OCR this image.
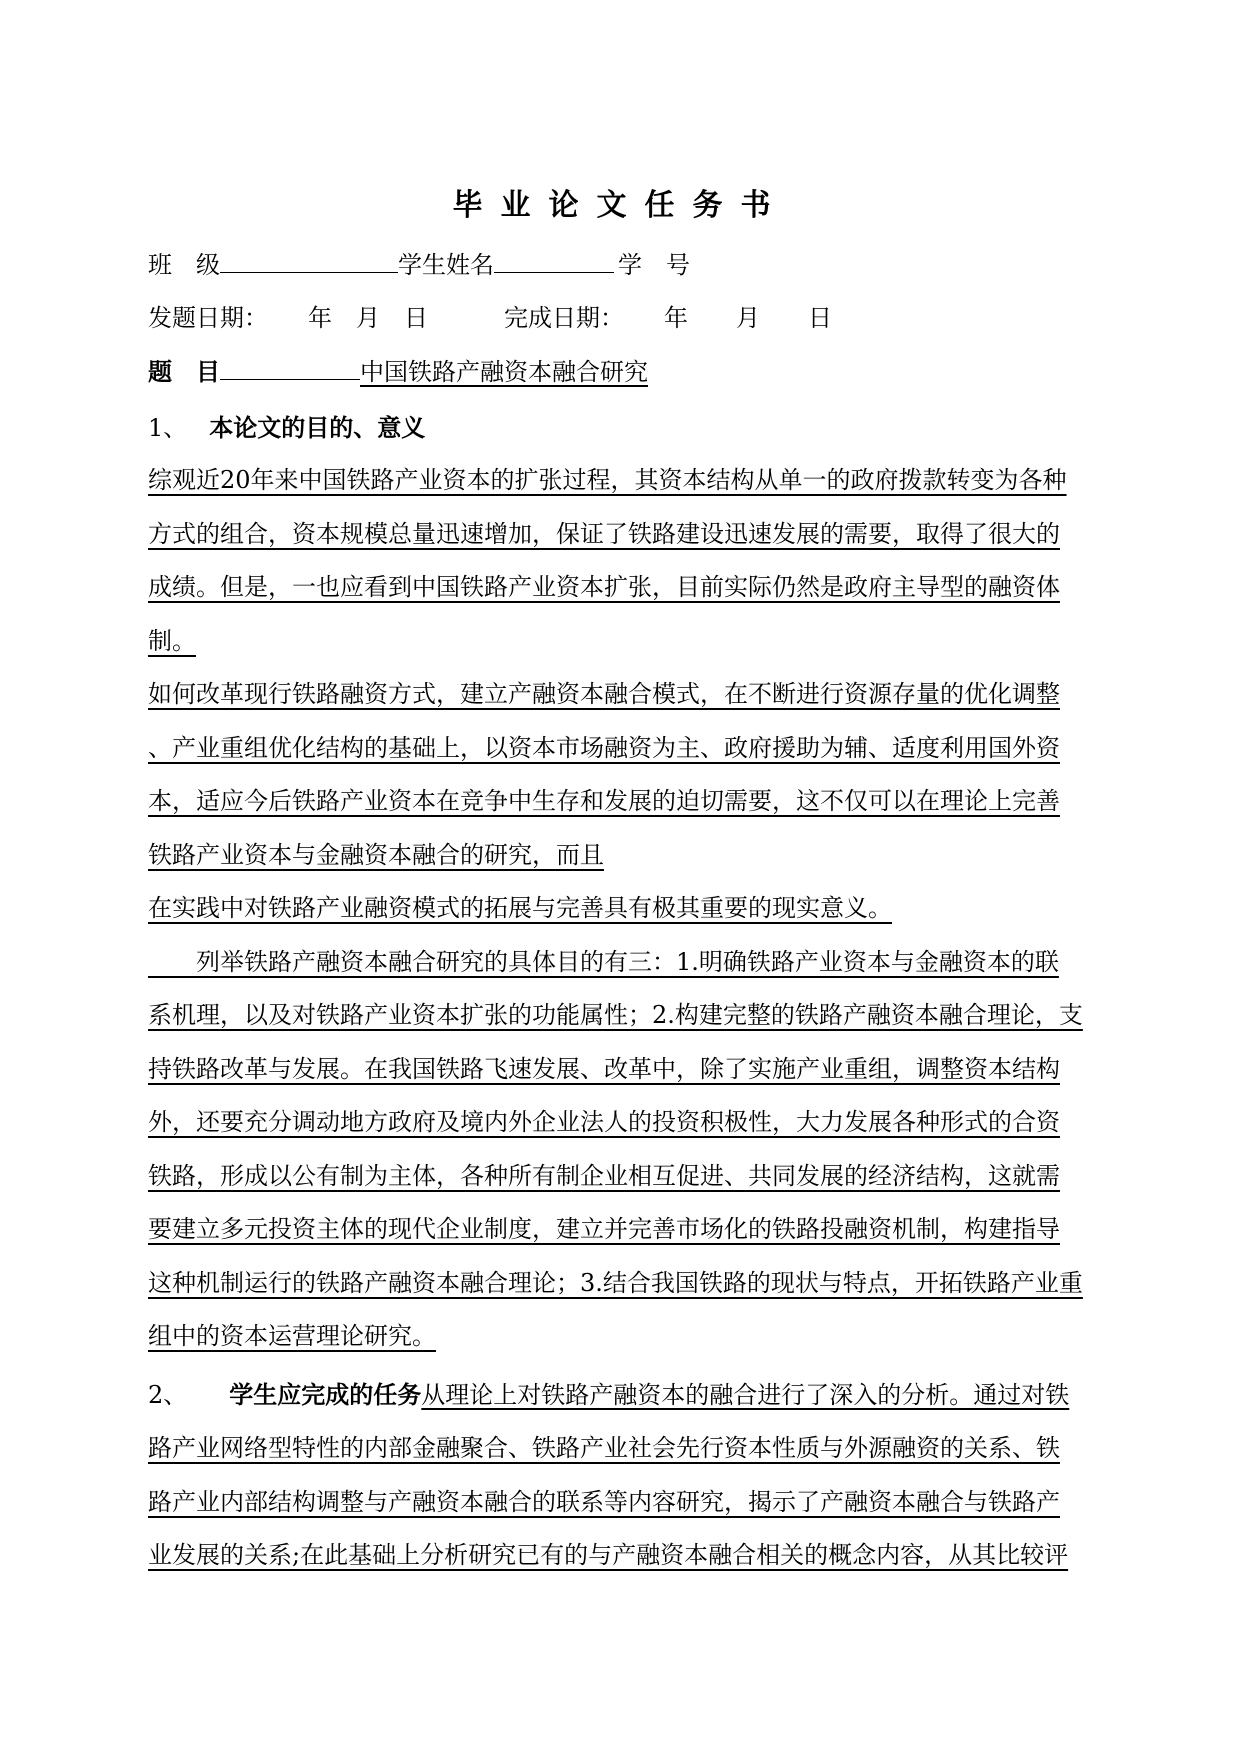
毕业论文任务书
班　级	学生姓名	学　号
发题日期： 年　月　日	完成日期： 年　　月　　日
题　目	中国铁路产融资本融合研究
1、 本论文的目的、意义
综观近20年来中国铁路产业资本的扩张过程，其资本结构从单一的政府拨款转变为各种
方式的组合，资本规模总量迅速增加，保证了铁路建设迅速发展的需要，取得了很大的
成绩。但是，一也应看到中国铁路产业资本扩张，目前实际仍然是政府主导型的融资体
制。
如何改革现行铁路融资方式，建立产融资本融合模式，在不断进行资源存量的优化调整
、产业重组优化结构的基础上，以资本市场融资为主、政府援助为辅、适度利用国外资
本，适应今后铁路产业资本在竞争中生存和发展的迫切需要，这不仅可以在理论上完善
铁路产业资本与金融资本融合的研究，而且
在实践中对铁路产业融资模式的拓展与完善具有极其重要的现实意义。
　　列举铁路产融资本融合研究的具体目的有三：1.明确铁路产业资本与金融资本的联
系机理，以及对铁路产业资本扩张的功能属性；2.构建完整的铁路产融资本融合理论，支
持铁路改革与发展。在我国铁路飞速发展、改革中，除了实施产业重组，调整资本结构
外，还要充分调动地方政府及境内外企业法人的投资积极性，大力发展各种形式的合资
铁路，形成以公有制为主体，各种所有制企业相互促进、共同发展的经济结构，这就需
要建立多元投资主体的现代企业制度，建立并完善市场化的铁路投融资机制，构建指导
这种机制运行的铁路产融资本融合理论；3.结合我国铁路的现状与特点，开拓铁路产业重
组中的资本运营理论研究。
2、 学生应完成的任务从理论上对铁路产融资本的融合进行了深入的分析。通过对铁
路产业网络型特性的内部金融聚合、铁路产业社会先行资本性质与外源融资的关系、铁
路产业内部结构调整与产融资本融合的联系等内容研究，揭示了产融资本融合与铁路产
业发展的关系;在此基础上分析研究已有的与产融资本融合相关的概念内容，从其比较评
